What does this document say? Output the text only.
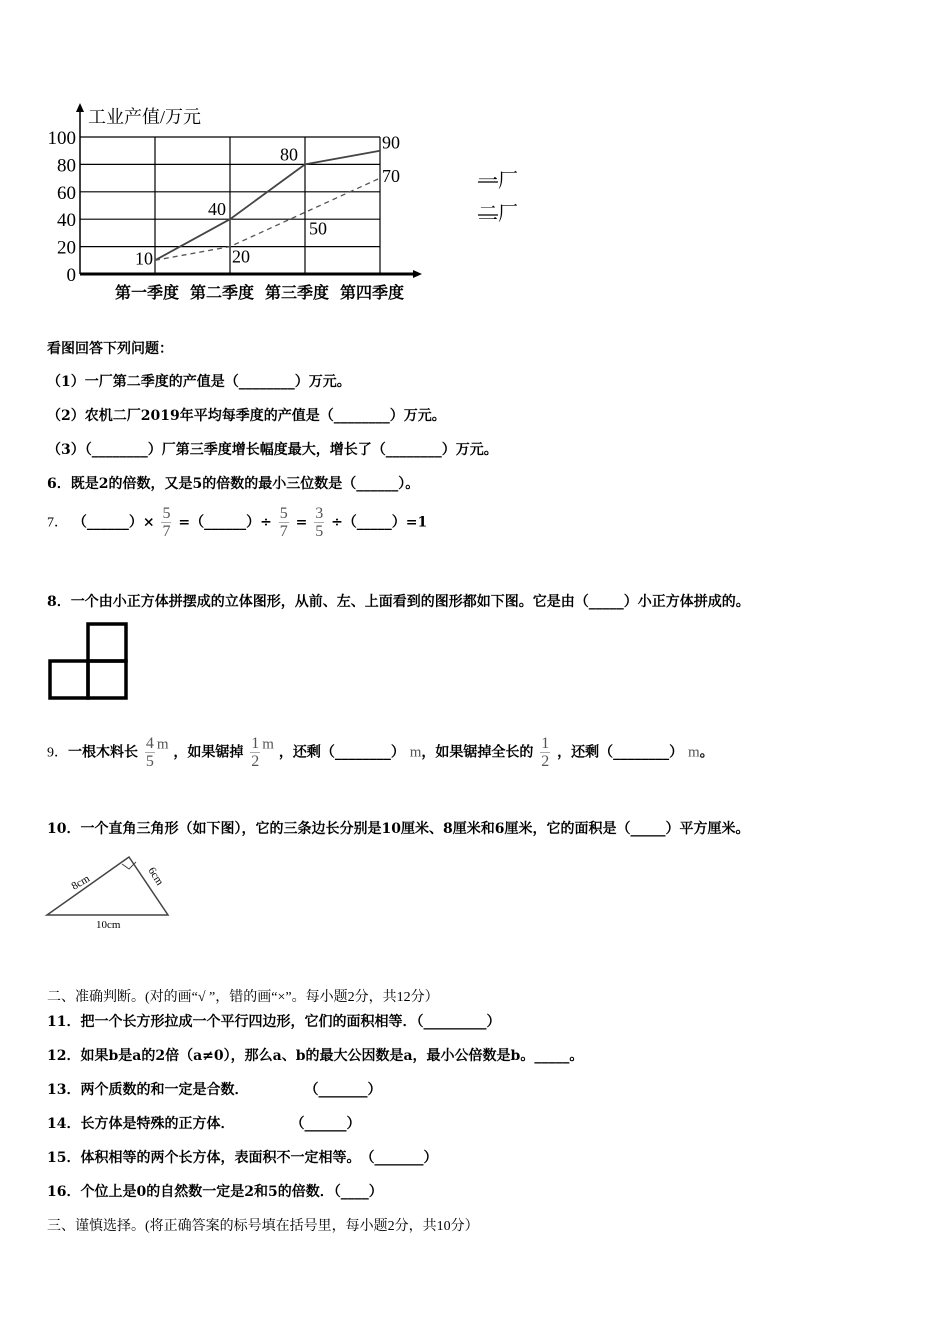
工业产值/万元
0
20
40
60
80
100
第一季度 第二季度 第三季度 第四季度
10
40
80
90
一厂
20
50
70
二厂
看图回答下列问题：
（1）一厂第二季度的产值是（________）万元。
（2）农机二厂2019年平均每季度的产值是（________）万元。
（3）（________）厂第三季度增长幅度最大，增长了（________）万元。
6．既是2的倍数，又是5的倍数的最小三位数是（______）。
7． （______）× $\frac{5}{7}$ =（______）÷ $\frac{5}{7} = \frac{3}{5}$ ÷（_____）=1
8．一个由小正方体拼摆成的立体图形，从前、左、上面看到的图形都如下图。它是由（_____）小正方体拼成的。
9．一根木料长 $\frac{4}{5}$ m ，如果锯掉 $\frac{1}{2}$ m ，还剩（________） m，如果锯掉全长的 $\frac{1}{2}$ ，还剩（________） m。
10．一个直角三角形（如下图），它的三条边长分别是10厘米、8厘米和6厘米，它的面积是（_____）平方厘米。
8cm	6cm
10cm
二、准确判断。(对的画“√ ”，错的画“×”。每小题2分，共12分）
11．把一个长方形拉成一个平行四边形，它们的面积相等．（_________）
12．如果b是a的2倍（a≠0），那么a、b的最大公因数是a，最小公倍数是b。_____。
13．两个质数的和一定是合数．　　　　　（_______）
14．长方体是特殊的正方体．　　　　　（______）
15．体积相等的两个长方体，表面积不一定相等。　（_______）
16．个位上是0的自然数一定是2和5的倍数．（____）
三、谨慎选择。(将正确答案的标号填在括号里，每小题2分，共10分）
